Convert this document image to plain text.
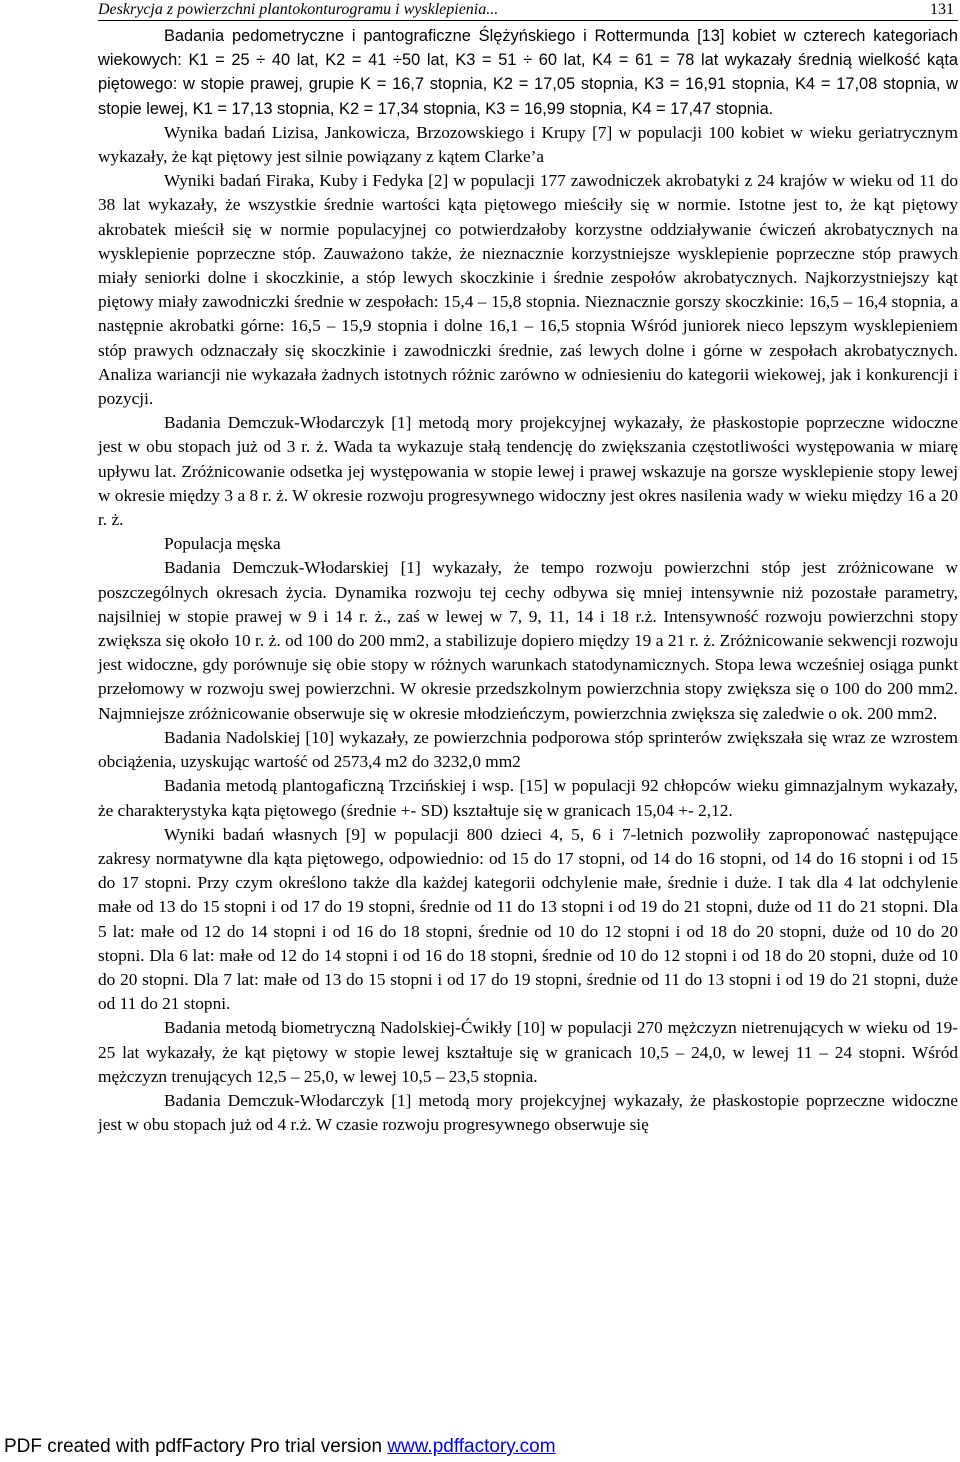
Deskrycja z powierzchni plantokonturogramu i wysklepienia...	131

Badania pedometryczne i pantograficzne Ślężyńskiego i Rottermunda [13] kobiet w czterech kategoriach wiekowych: K1 = 25 ÷ 40 lat, K2 = 41 ÷50 lat, K3 = 51 ÷ 60 lat, K4 = 61 = 78 lat wykazały średnią wielkość kąta piętowego: w stopie prawej, grupie K = 16,7 stopnia, K2 = 17,05 stopnia, K3 = 16,91 stopnia, K4 = 17,08 stopnia, w stopie lewej, K1 = 17,13 stopnia, K2 = 17,34 stopnia, K3 = 16,99 stopnia, K4 = 17,47 stopnia.

Wynika badań Lizisa, Jankowicza, Brzozowskiego i Krupy [7] w populacji 100 kobiet w wieku geriatrycznym wykazały, że kąt piętowy jest silnie powiązany z kątem Clarke’a

Wyniki badań Firaka, Kuby i Fedyka [2] w populacji 177 zawodniczek akrobatyki z 24 krajów w wieku od 11 do 38 lat wykazały, że wszystkie średnie wartości kąta piętowego mieściły się w normie. Istotne jest to, że kąt piętowy akrobatek mieścił się w normie populacyjnej co potwierdzałoby korzystne oddziaływanie ćwiczeń akrobatycznych na wysklepienie poprzeczne stóp. Zauważono także, że nieznacznie korzystniejsze wysklepienie poprzeczne stóp prawych miały seniorki dolne i skoczkinie, a stóp lewych skoczkinie i średnie zespołów akrobatycznych. Najkorzystniejszy kąt piętowy miały zawodniczki średnie w zespołach: 15,4 – 15,8 stopnia. Nieznacznie gorszy skoczkinie: 16,5 – 16,4 stopnia, a następnie akrobatki górne: 16,5 – 15,9 stopnia i dolne 16,1 – 16,5 stopnia Wśród juniorek nieco lepszym wysklepieniem stóp prawych odznaczały się skoczkinie i zawodniczki średnie, zaś lewych dolne i górne w zespołach akrobatycznych. Analiza wariancji nie wykazała żadnych istotnych różnic zarówno w odniesieniu do kategorii wiekowej, jak i konkurencji i pozycji.

Badania Demczuk-Włodarczyk [1] metodą mory projekcyjnej wykazały, że płaskostopie poprzeczne widoczne jest w obu stopach już od 3 r. ż. Wada ta wykazuje stałą tendencję do zwiększania częstotliwości występowania w miarę upływu lat. Zróżnicowanie odsetka jej występowania w stopie lewej i prawej wskazuje na gorsze wysklepienie stopy lewej w okresie między 3 a 8 r. ż. W okresie rozwoju progresywnego widoczny jest okres nasilenia wady w wieku między 16 a 20 r. ż.

Populacja męska

Badania Demczuk-Włodarskiej [1] wykazały, że tempo rozwoju powierzchni stóp jest zróżnicowane w poszczególnych okresach życia. Dynamika rozwoju tej cechy odbywa się mniej intensywnie niż pozostałe parametry, najsilniej w stopie prawej w 9 i 14 r. ż., zaś w lewej w 7, 9, 11, 14 i 18 r.ż. Intensywność rozwoju powierzchni stopy zwiększa się około 10 r. ż. od 100 do 200 mm2, a stabilizuje dopiero między 19 a 21 r. ż. Zróżnicowanie sekwencji rozwoju jest widoczne, gdy porównuje się obie stopy w różnych warunkach statodynamicznych. Stopa lewa wcześniej osiąga punkt przełomowy w rozwoju swej powierzchni. W okresie przedszkolnym powierzchnia stopy zwiększa się o 100 do 200 mm2. Najmniejsze zróżnicowanie obserwuje się w okresie młodzieńczym, powierzchnia zwiększa się zaledwie o ok. 200 mm2.

Badania Nadolskiej [10] wykazały, ze powierzchnia podporowa stóp sprinterów zwiększała się wraz ze wzrostem obciążenia, uzyskując wartość od 2573,4 m2 do 3232,0 mm2

Badania metodą plantogaficzną Trzcińskiej i wsp. [15] w populacji 92 chłopców wieku gimnazjalnym wykazały, że charakterystyka kąta piętowego (średnie +- SD) kształtuje się w granicach 15,04 +- 2,12.

Wyniki badań własnych [9] w populacji 800 dzieci 4, 5, 6 i 7-letnich pozwoliły zaproponować następujące zakresy normatywne dla kąta piętowego, odpowiednio: od 15 do 17 stopni, od 14 do 16 stopni, od 14 do 16 stopni i od 15 do 17 stopni. Przy czym określono także dla każdej kategorii odchylenie małe, średnie i duże. I tak dla 4 lat odchylenie małe od 13 do 15 stopni i od 17 do 19 stopni, średnie od 11 do 13 stopni i od 19 do 21 stopni, duże od 11 do 21 stopni. Dla 5 lat: małe od 12 do 14 stopni i od 16 do 18 stopni, średnie od 10 do 12 stopni i od 18 do 20 stopni, duże od 10 do 20 stopni. Dla 6 lat: małe od 12 do 14 stopni i od 16 do 18 stopni, średnie od 10 do 12 stopni i od 18 do 20 stopni, duże od 10 do 20 stopni. Dla 7 lat: małe od 13 do 15 stopni i od 17 do 19 stopni, średnie od 11 do 13 stopni i od 19 do 21 stopni, duże od 11 do 21 stopni.

Badania metodą biometryczną Nadolskiej-Ćwikły [10] w populacji 270 mężczyzn nietrenujących w wieku od 19-25 lat wykazały, że kąt piętowy w stopie lewej kształtuje się w granicach 10,5 – 24,0, w lewej 11 – 24 stopni. Wśród mężczyzn trenujących 12,5 – 25,0, w lewej 10,5 – 23,5 stopnia.

Badania Demczuk-Włodarczyk [1] metodą mory projekcyjnej wykazały, że płaskostopie poprzeczne widoczne jest w obu stopach już od 4 r.ż. W czasie rozwoju progresywnego obserwuje się

PDF created with pdfFactory Pro trial version www.pdffactory.com
